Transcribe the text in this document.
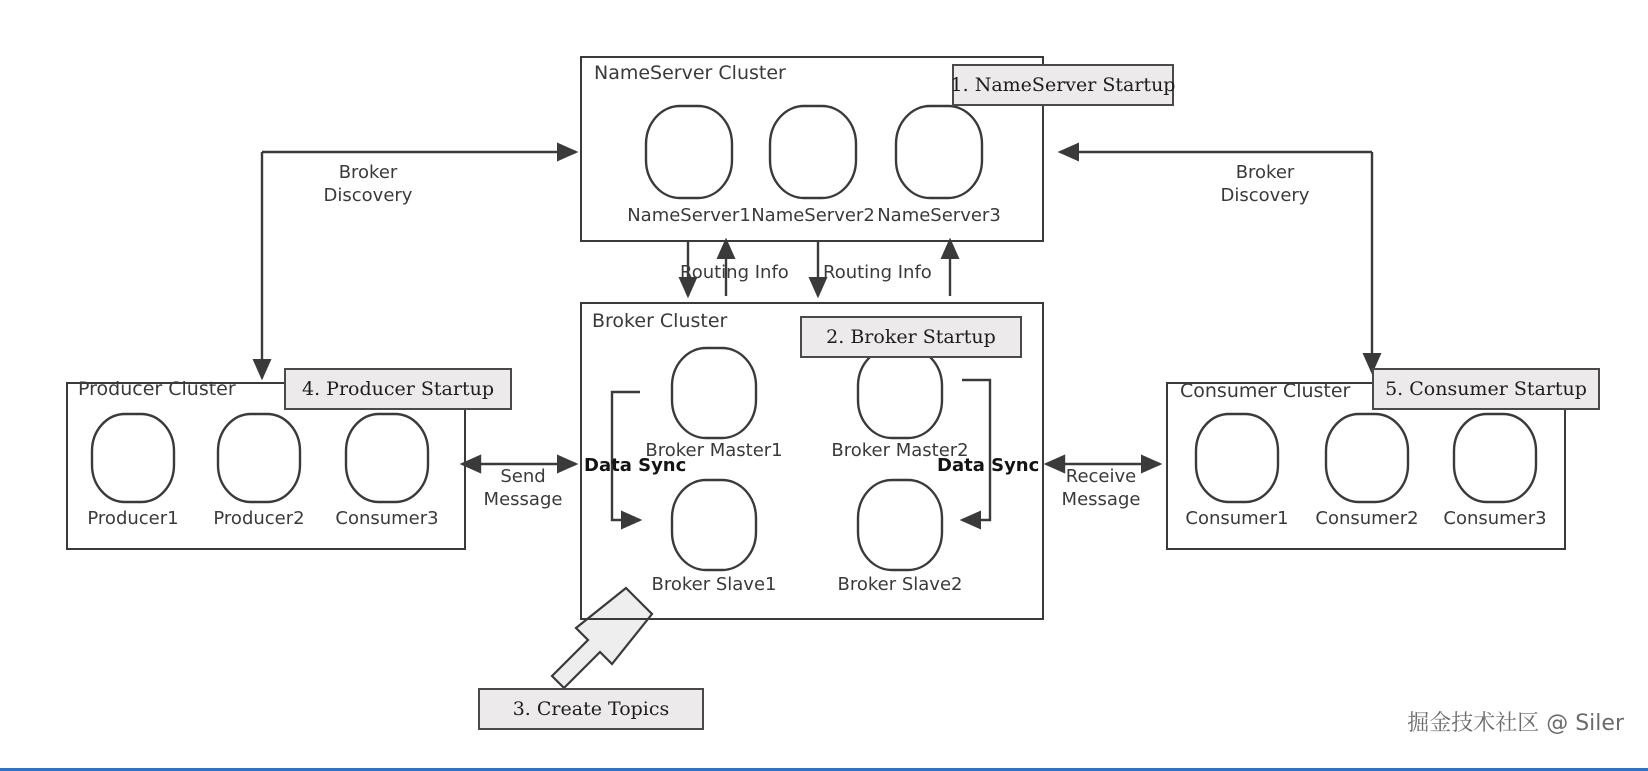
NameServer Cluster
Broker Cluster
Producer Cluster	Consumer Cluster
NameServer1 NameServer2 NameServer3
Broker Master1	Broker Master2
Broker Slave1	Broker Slave2
Producer1	Producer2	Consumer3	Consumer1	Consumer2	Consumer3
Broker
Discovery
Broker
Discovery
Routing Info Routing Info
Send
Message
Receive
Message
Data Sync	Data Sync
1. NameServer Startup
2. Broker Startup
3. Create Topics
4. Producer Startup	5. Consumer Startup
掘金技术社区 @ Siler
